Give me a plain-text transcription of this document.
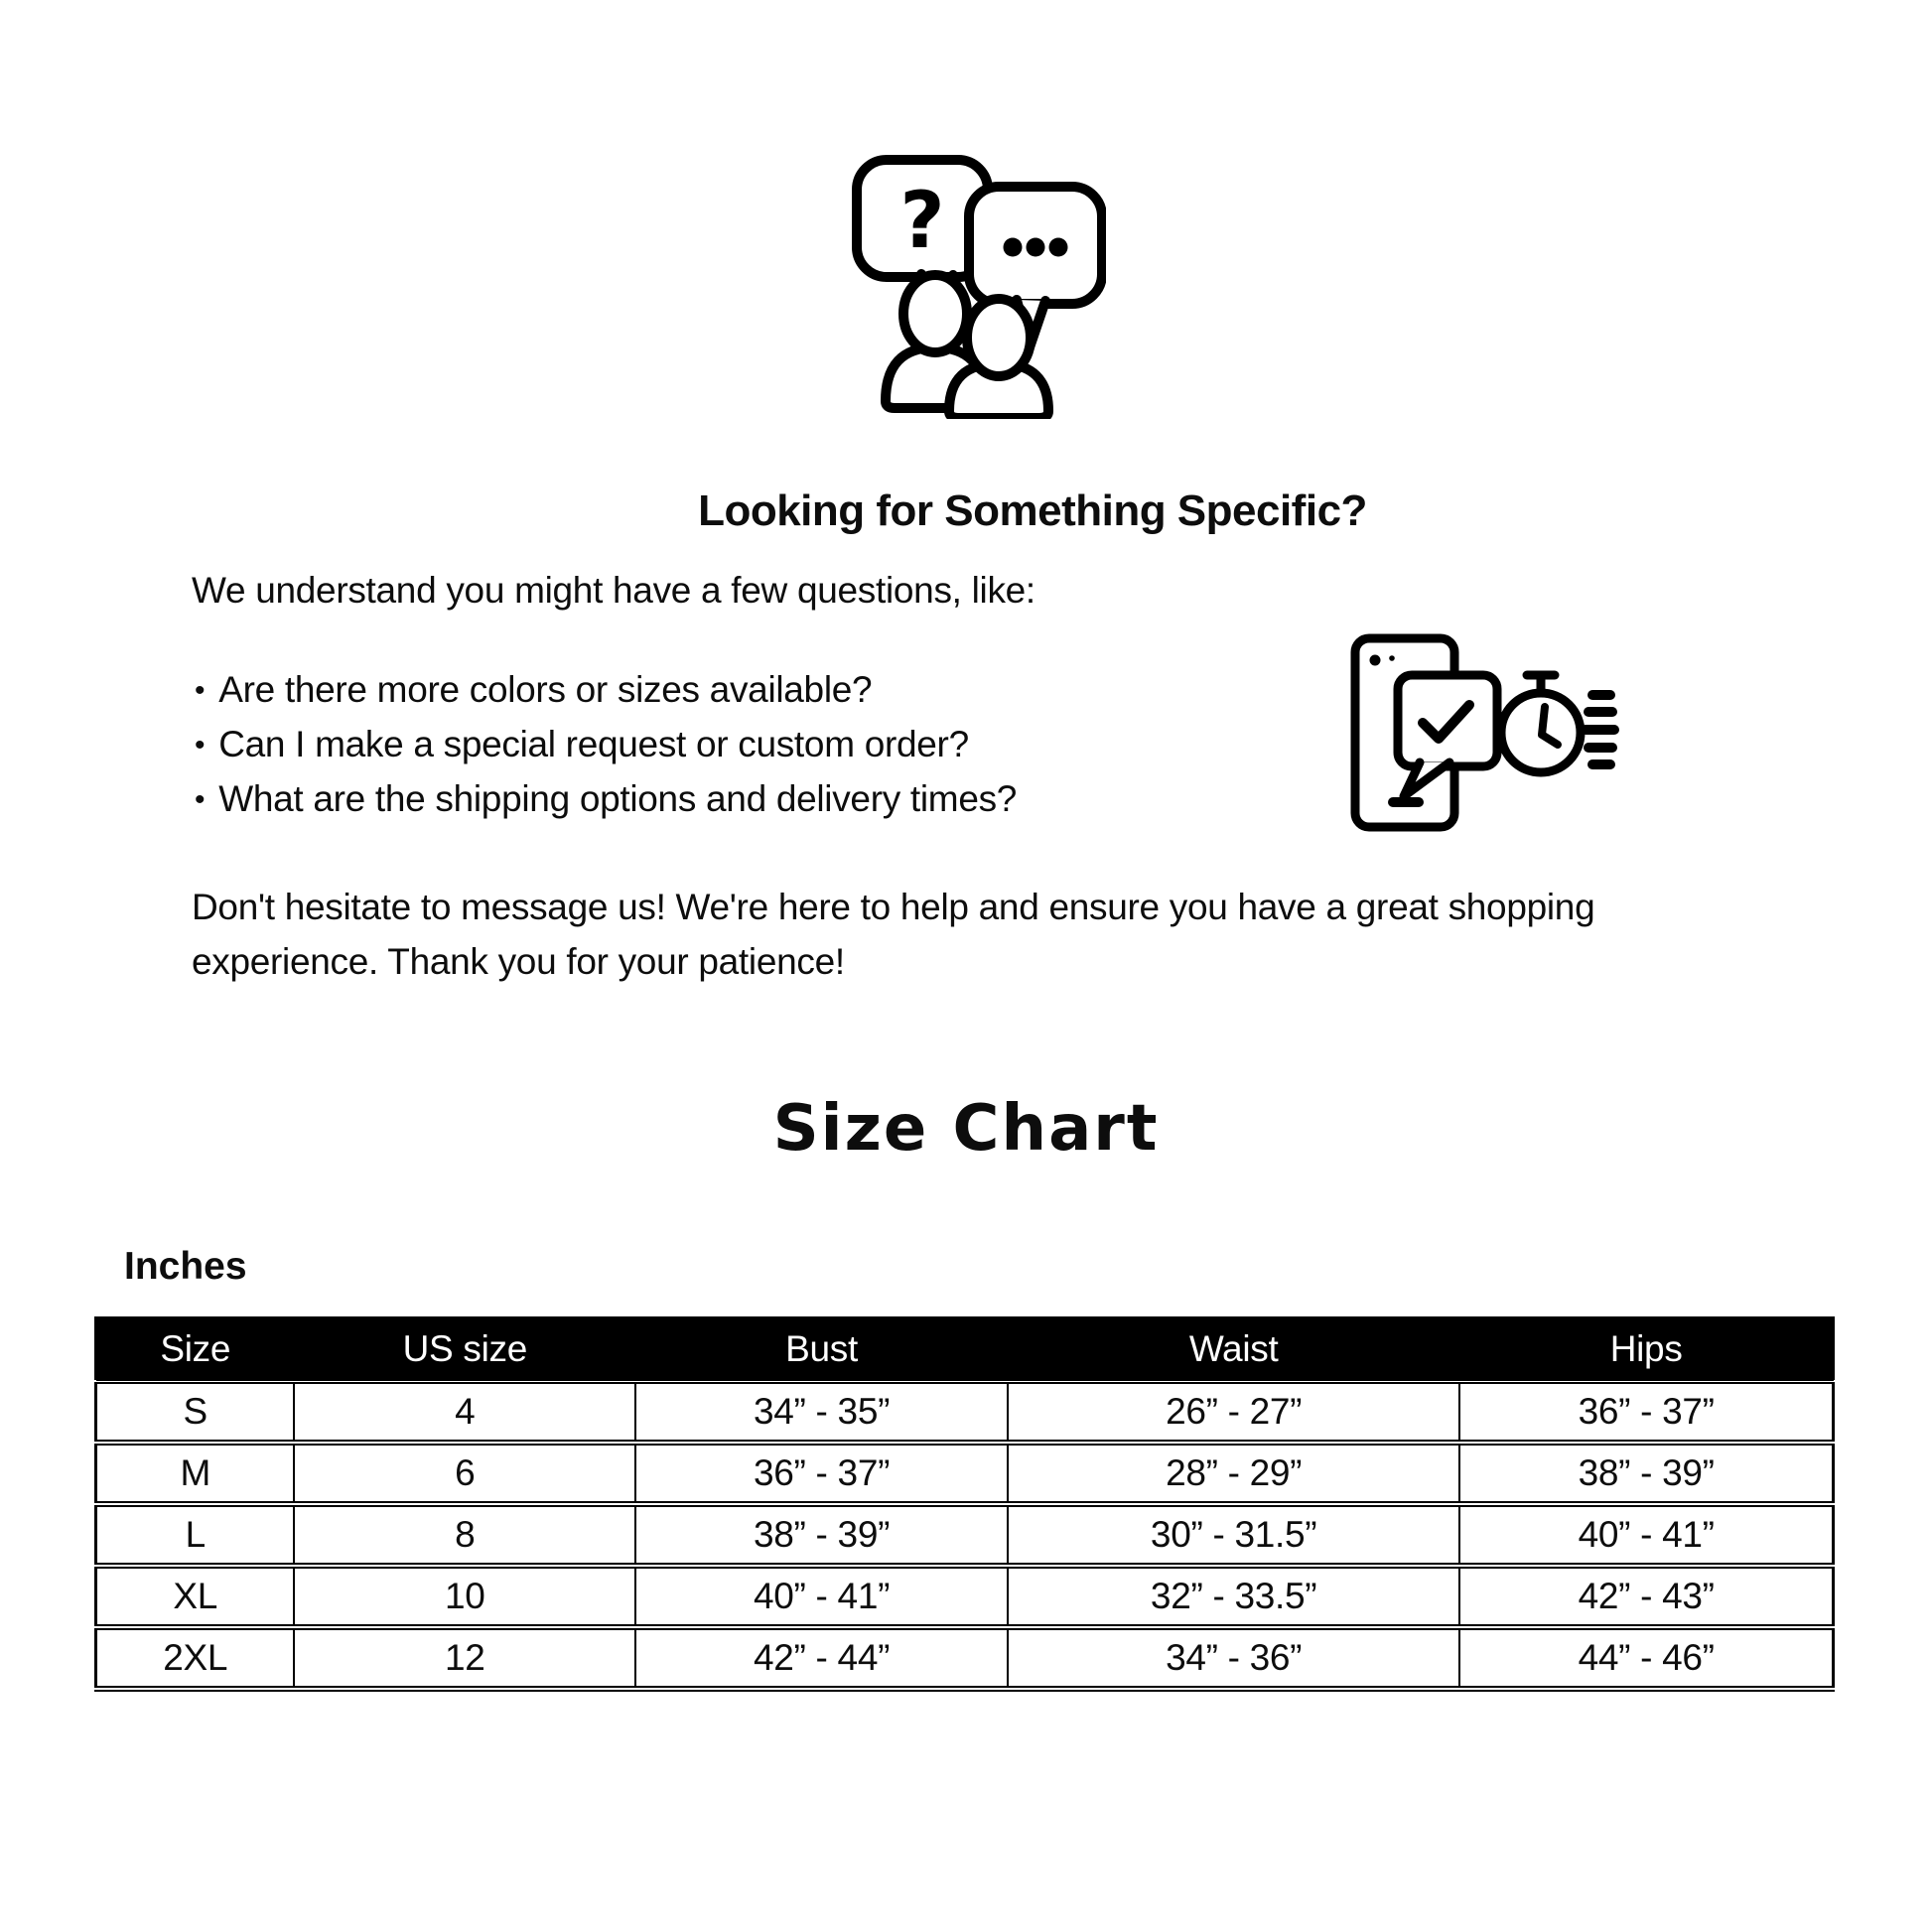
?
Looking for Something Specific?
We understand you might have a few questions, like:
• Are there more colors or sizes available?
• Can I make a special request or custom order?
• What are the shipping options and delivery times?
Don't hesitate to message us! We're here to help and ensure you have a great shopping
experience. Thank you for your patience!
Size Chart
Inches
Size	US size	Bust	Waist	Hips
S	4	34” - 35”	26” - 27”	36” - 37”
M	6	36” - 37”	28” - 29”	38” - 39”
L	8	38” - 39”	30” - 31.5”	40” - 41”
XL	10	40” - 41”	32” - 33.5”	42” - 43”
2XL	12	42” - 44”	34” - 36”	44” - 46”
